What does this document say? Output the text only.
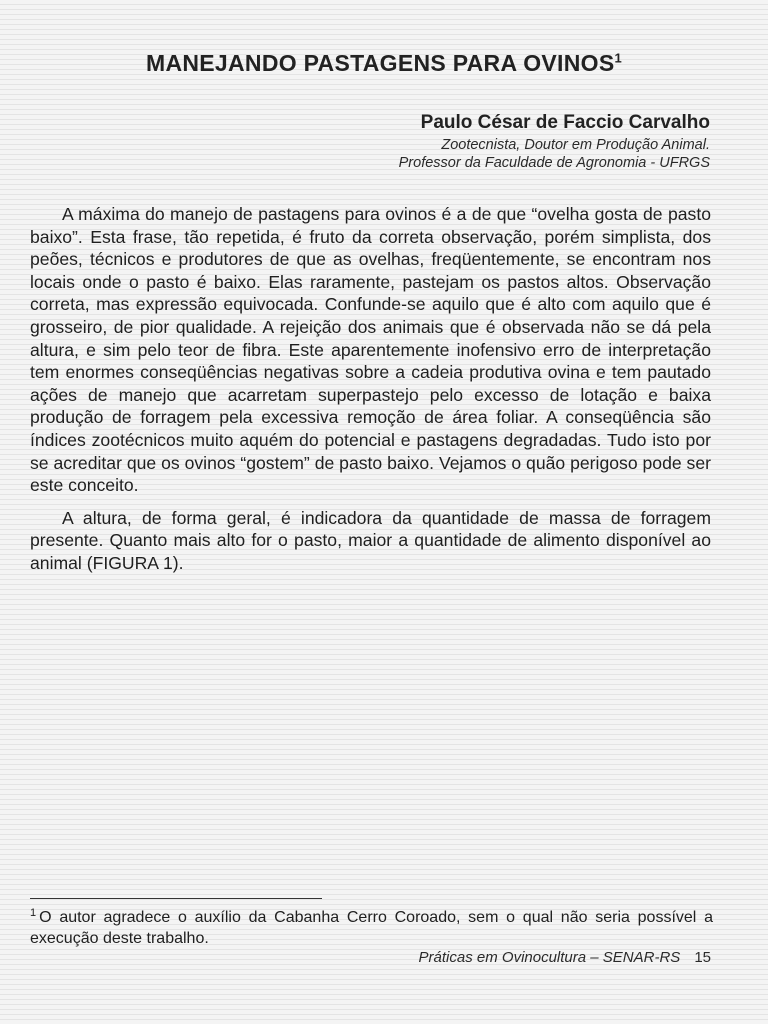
MANEJANDO PASTAGENS PARA OVINOS$^1$
Paulo César de Faccio Carvalho
Zootecnista, Doutor em Produção Animal.
Professor da Faculdade de Agronomia - UFRGS

A máxima do manejo de pastagens para ovinos é a de que “ovelha gosta de pasto baixo”. Esta frase, tão repetida, é fruto da correta observação, porém simplista, dos peões, técnicos e produtores de que as ovelhas, freqüentemente, se encontram nos locais onde o pasto é baixo. Elas raramente, pastejam os pastos altos. Observação correta, mas expressão equivocada. Confunde-se aquilo que é alto com aquilo que é grosseiro, de pior qualidade. A rejeição dos animais que é observada não se dá pela altura, e sim pelo teor de fibra. Este aparentemente inofensivo erro de interpretação tem enormes conseqüências negativas sobre a cadeia produtiva ovina e tem pautado ações de manejo que acarretam superpastejo pelo excesso de lotação e baixa produção de forragem pela excessiva remoção de área foliar. A conseqüência são índices zootécnicos muito aquém do potencial e pastagens degradadas. Tudo isto por se acreditar que os ovinos “gostem” de pasto baixo. Vejamos o quão perigoso pode ser este conceito.

A altura, de forma geral, é indicadora da quantidade de massa de forragem presente. Quanto mais alto for o pasto, maior a quantidade de alimento disponível ao animal (FIGURA 1).

$^1$ O autor agradece o auxílio da Cabanha Cerro Coroado, sem o qual não seria possível a execução deste trabalho.
Práticas em Ovinocultura – SENAR-RS 15
